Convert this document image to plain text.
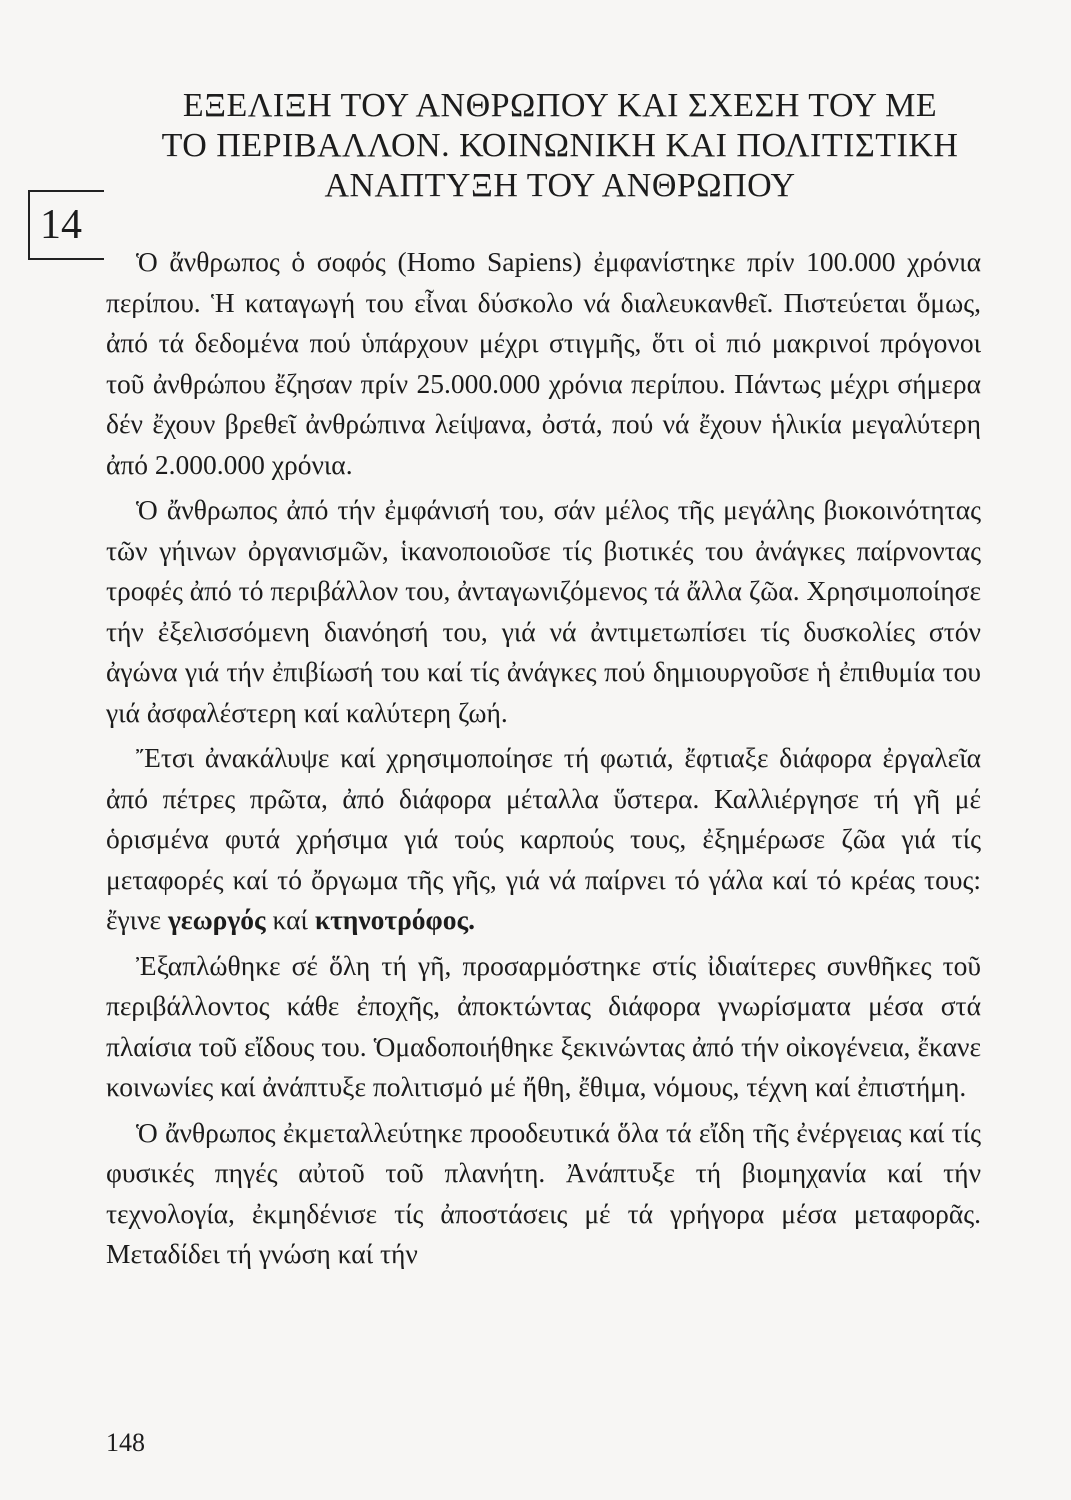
ΕΞΕΛΙΞΗ ΤΟΥ ΑΝΘΡΩΠΟΥ ΚΑΙ ΣΧΕΣΗ ΤΟΥ ΜΕ
ΤΟ ΠΕΡΙΒΑΛΛΟΝ. ΚΟΙΝΩΝΙΚΗ ΚΑΙ ΠΟΛΙΤΙΣΤΙΚΗ
ΑΝΑΠΤΥΞΗ ΤΟΥ ΑΝΘΡΩΠΟΥ
14

Ὁ ἄνθρωπος ὁ σοφός (Homo Sapiens) ἐμφανίστηκε πρίν 100.000 χρόνια περίπου. Ἡ καταγωγή του εἶναι δύσκολο νά διαλευκανθεῖ. Πιστεύεται ὅμως, ἀπό τά δεδομένα πού ὑπάρχουν μέχρι στιγμῆς, ὅτι οἱ πιό μακρινοί πρόγονοι τοῦ ἀνθρώπου ἔζησαν πρίν 25.000.000 χρόνια περίπου. Πάντως μέχρι σήμερα δέν ἔχουν βρεθεῖ ἀνθρώπινα λείψανα, ὀστά, πού νά ἔχουν ἡλικία μεγαλύτερη ἀπό 2.000.000 χρόνια.

Ὁ ἄνθρωπος ἀπό τήν ἐμφάνισή του, σάν μέλος τῆς μεγάλης βιοκοινότητας τῶν γήινων ὀργανισμῶν, ἱκανοποιοῦσε τίς βιοτικές του ἀνάγκες παίρνοντας τροφές ἀπό τό περιβάλλον του, ἀνταγωνιζόμενος τά ἄλλα ζῶα. Χρησιμοποίησε τήν ἐξελισσόμενη διανόησή του, γιά νά ἀντιμετωπίσει τίς δυσκολίες στόν ἀγώνα γιά τήν ἐπιβίωσή του καί τίς ἀνάγκες πού δημιουργοῦσε ἡ ἐπιθυμία του γιά ἀσφαλέστερη καί καλύτερη ζωή.

Ἔτσι ἀνακάλυψε καί χρησιμοποίησε τή φωτιά, ἔφτιαξε διάφορα ἐργαλεῖα ἀπό πέτρες πρῶτα, ἀπό διάφορα μέταλλα ὕστερα. Καλλιέργησε τή γῆ μέ ὁρισμένα φυτά χρήσιμα γιά τούς καρπούς τους, ἐξημέρωσε ζῶα γιά τίς μεταφορές καί τό ὄργωμα τῆς γῆς, γιά νά παίρνει τό γάλα καί τό κρέας τους: ἔγινε γεωργός καί κτηνοτρόφος.

Ἐξαπλώθηκε σέ ὅλη τή γῆ, προσαρμόστηκε στίς ἰδιαίτερες συνθῆκες τοῦ περιβάλλοντος κάθε ἐποχῆς, ἀποκτώντας διάφορα γνωρίσματα μέσα στά πλαίσια τοῦ εἴδους του. Ὁμαδοποιήθηκε ξεκινώντας ἀπό τήν οἰκογένεια, ἔκανε κοινωνίες καί ἀνάπτυξε πολιτισμό μέ ἤθη, ἔθιμα, νόμους, τέχνη καί ἐπιστήμη.

Ὁ ἄνθρωπος ἐκμεταλλεύτηκε προοδευτικά ὅλα τά εἴδη τῆς ἐνέργειας καί τίς φυσικές πηγές αὐτοῦ τοῦ πλανήτη. Ἀνάπτυξε τή βιομηχανία καί τήν τεχνολογία, ἐκμηδένισε τίς ἀποστάσεις μέ τά γρήγορα μέσα μεταφορᾶς. Μεταδίδει τή γνώση καί τήν

148
